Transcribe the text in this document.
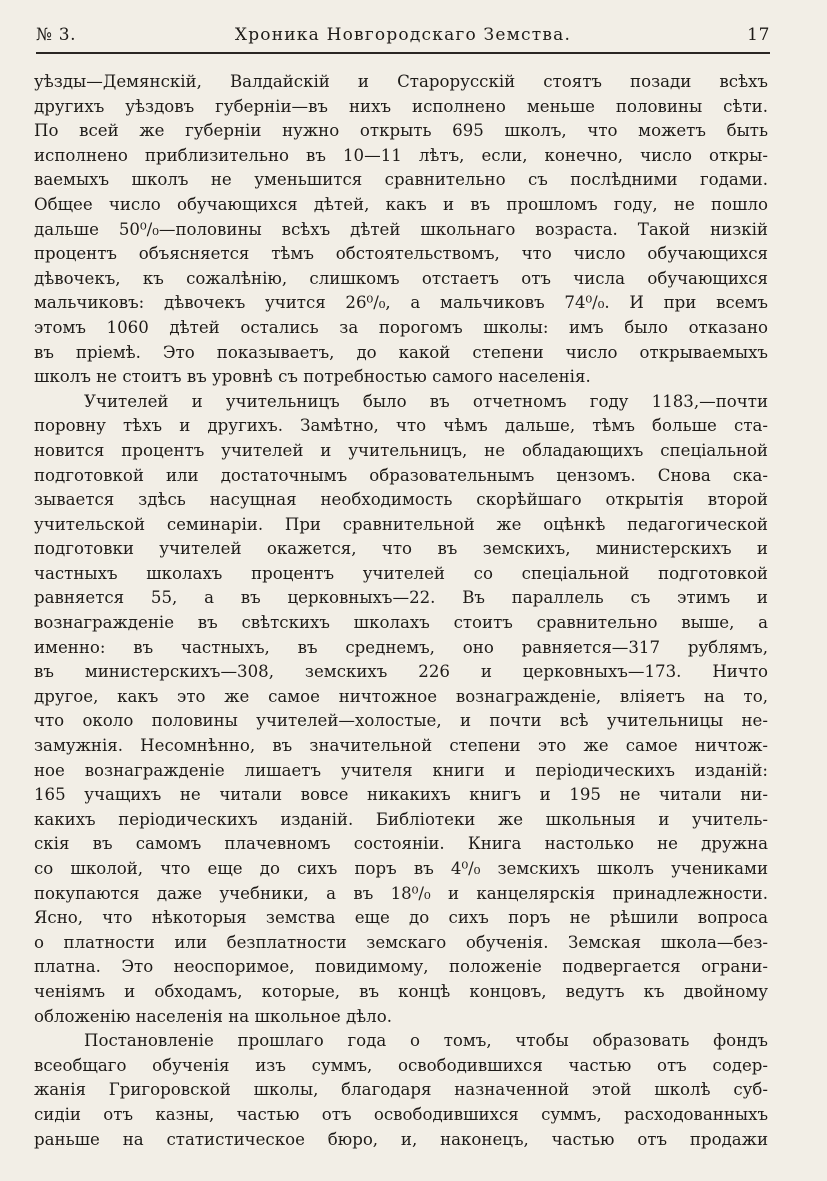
№ 3.	Хроника Новгородскаго Земства.	17
уѣзды—Демянскій, Валдайскій и Старорусскій стоятъ позади всѣхъ
другихъ уѣздовъ губерніи—въ нихъ исполнено меньше половины сѣти.
По всей же губерніи нужно открыть 695 школъ, что можетъ быть
исполнено приблизительно въ 10—11 лѣтъ, если, конечно, число откры-
ваемыхъ школъ не уменьшится сравнительно съ послѣдними годами.
Общее число обучающихся дѣтей, какъ и въ прошломъ году, не пошло
дальше 50⁰/₀—половины всѣхъ дѣтей школьнаго возраста. Такой низкій
процентъ объясняется тѣмъ обстоятельствомъ, что число обучающихся
дѣвочекъ, къ сожалѣнію, слишкомъ отстаетъ отъ числа обучающихся
мальчиковъ: дѣвочекъ учится 26⁰/₀, а мальчиковъ 74⁰/₀. И при всемъ
этомъ 1060 дѣтей остались за порогомъ школы: имъ было отказано
въ пріемѣ. Это показываетъ, до какой степени число открываемыхъ
школъ не стоитъ въ уровнѣ съ потребностью самого населенія.
Учителей и учительницъ было въ отчетномъ году 1183,—почти
поровну тѣхъ и другихъ. Замѣтно, что чѣмъ дальше, тѣмъ больше ста-
новится процентъ учителей и учительницъ, не обладающихъ спеціальной
подготовкой или достаточнымъ образовательнымъ цензомъ. Снова ска-
зывается здѣсь насущная необходимость скорѣйшаго открытія второй
учительской семинаріи. При сравнительной же оцѣнкѣ педагогической
подготовки учителей окажется, что въ земскихъ, министерскихъ и
частныхъ школахъ процентъ учителей со спеціальной подготовкой
равняется 55, а въ церковныхъ—22. Въ параллель съ этимъ и
вознагражденіе въ свѣтскихъ школахъ стоитъ сравнительно выше, а
именно: въ частныхъ, въ среднемъ, оно равняется—317 рублямъ,
въ министерскихъ—308, земскихъ 226 и церковныхъ—173. Ничто
другое, какъ это же самое ничтожное вознагражденіе, вліяетъ на то,
что около половины учителей—холостые, и почти всѣ учительницы не-
замужнія. Несомнѣнно, въ значительной степени это же самое ничтож-
ное вознагражденіе лишаетъ учителя книги и періодическихъ изданій:
165 учащихъ не читали вовсе никакихъ книгъ и 195 не читали ни-
какихъ періодическихъ изданій. Библіотеки же школьныя и учитель-
скія въ самомъ плачевномъ состояніи. Книга настолько не дружна
со школой, что еще до сихъ поръ въ 4⁰/₀ земскихъ школъ учениками
покупаются даже учебники, а въ 18⁰/₀ и канцелярскія принадлежности.
Ясно, что нѣкоторыя земства еще до сихъ поръ не рѣшили вопроса
о платности или безплатности земскаго обученія. Земская школа—без-
платна. Это неоспоримое, повидимому, положеніе подвергается ограни-
ченіямъ и обходамъ, которые, въ концѣ концовъ, ведутъ къ двойному
обложенію населенія на школьное дѣло.
Постановленіе прошлаго года о томъ, чтобы образовать фондъ
всеобщаго обученія изъ суммъ, освободившихся частью отъ содер-
жанія Григоровской школы, благодаря назначенной этой школѣ суб-
сидіи отъ казны, частью отъ освободившихся суммъ, расходованныхъ
раньше на статистическое бюро, и, наконецъ, частью отъ продажи
